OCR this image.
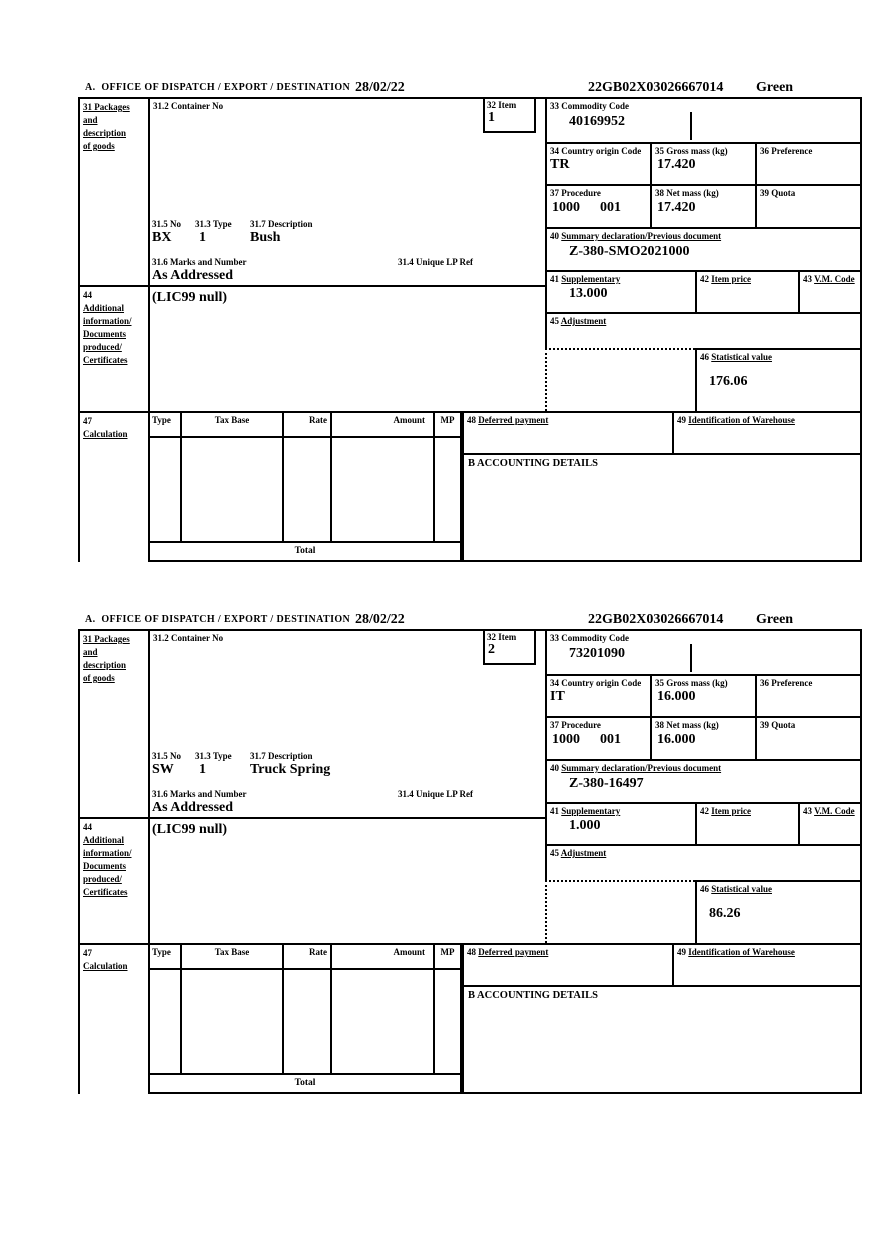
A.  OFFICE OF DISPATCH / EXPORT / DESTINATION 28/02/22	22GB02X03026667014 Green
31 Packages
and
description
of goods
31.2 Container No	32 Item
1
31.5 No 31.3 Type 31.7 Description
BX 1	Bush
31.6 Marks and Number	31.4 Unique LP Ref
As Addressed
44
Additional
information/
Documents
produced/
Certificates
(LIC99 null)
33 Commodity Code
40169952
34 Country origin Code
TR
35 Gross mass (kg)
17.420
36 Preference
37 Procedure
1000 001
38 Net mass (kg)
17.420
39 Quota
40 Summary declaration/Previous document
Z-380-SMO2021000
41 Supplementary
13.000
42 Item price	43 V.M. Code
45 Adjustment
46 Statistical value
176.06
47
Calculation
Type	Tax Base	Rate	Amount	MP
Total
48 Deferred payment	49 Identification of Warehouse
B ACCOUNTING DETAILS
A.  OFFICE OF DISPATCH / EXPORT / DESTINATION 28/02/22	22GB02X03026667014 Green
31 Packages
and
description
of goods
31.2 Container No	32 Item
2
31.5 No 31.3 Type 31.7 Description
SW 1	Truck Spring
31.6 Marks and Number	31.4 Unique LP Ref
As Addressed
44
Additional
information/
Documents
produced/
Certificates
(LIC99 null)
33 Commodity Code
73201090
34 Country origin Code
IT
35 Gross mass (kg)
16.000
36 Preference
37 Procedure
1000 001
38 Net mass (kg)
16.000
39 Quota
40 Summary declaration/Previous document
Z-380-16497
41 Supplementary
1.000
42 Item price	43 V.M. Code
45 Adjustment
46 Statistical value
86.26
47
Calculation
Type	Tax Base	Rate	Amount	MP
Total
48 Deferred payment	49 Identification of Warehouse
B ACCOUNTING DETAILS
